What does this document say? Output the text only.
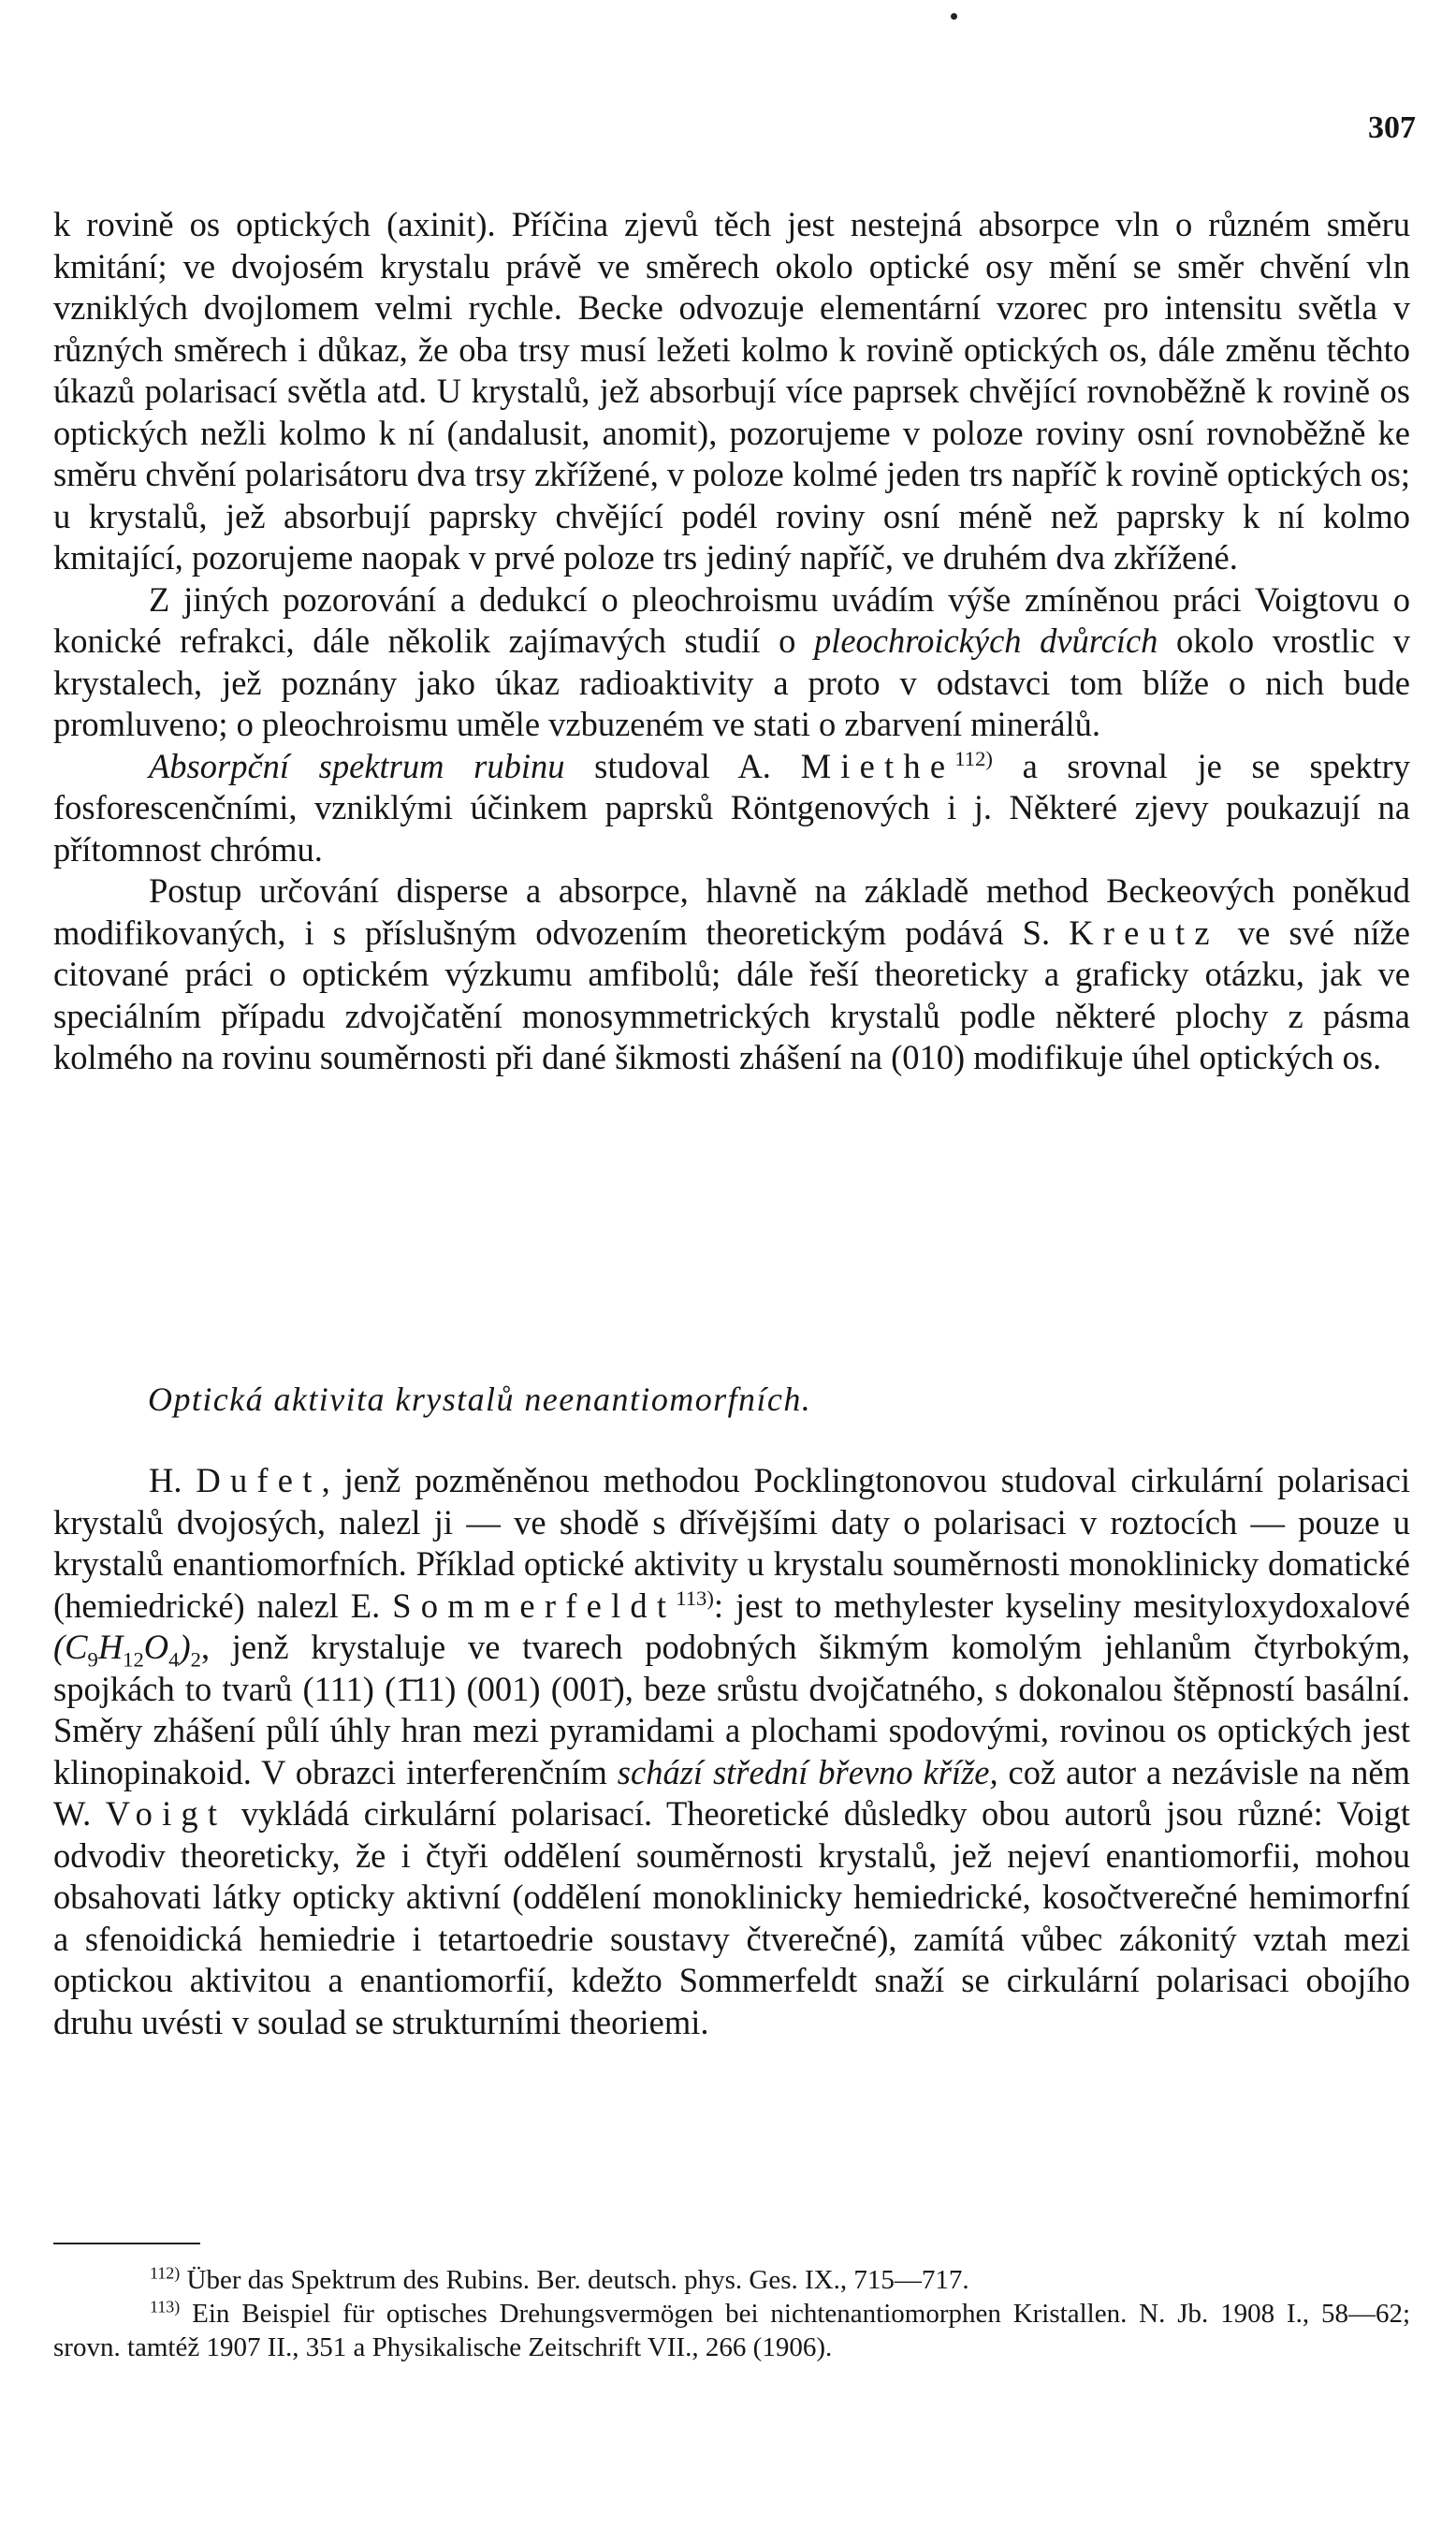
307

k rovině os optických (axinit). Příčina zjevů těch jest nestejná absorpce vln o různém směru kmitání; ve dvojosém krystalu právě ve směrech okolo optické osy mění se směr chvění vln vzniklých dvojlomem velmi rychle. Becke odvozuje elementární vzorec pro intensitu světla v různých směrech i důkaz, že oba trsy musí ležeti kolmo k rovině optických os, dále změnu těchto úkazů polarisací světla atd. U krystalů, jež absorbují více paprsek chvějící rovnoběžně k rovině os optických nežli kolmo k ní (andalusit, anomit), pozorujeme v poloze roviny osní rovnoběžně ke směru chvění polarisátoru dva trsy zkřížené, v poloze kolmé jeden trs napříč k rovině optických os; u krystalů, jež absorbují paprsky chvějící podél roviny osní méně než paprsky k ní kolmo kmitající, pozorujeme naopak v prvé poloze trs jediný napříč, ve druhém dva zkřížené.

Z jiných pozorování a dedukcí o pleochroismu uvádím výše zmíněnou práci Voigtovu o konické refrakci, dále několik zajímavých studií o pleochroických dvůrcích okolo vrostlic v krystalech, jež poznány jako úkaz radioaktivity a proto v odstavci tom blíže o nich bude promluveno; o pleochroismu uměle vzbuzeném ve stati o zbarvení minerálů.

Absorpční spektrum rubinu studoval A. Miethe$^{112)}$ a srovnal je se spektry fosforescenčními, vzniklými účinkem paprsků Röntgenových i j. Některé zjevy poukazují na přítomnost chrómu.

Postup určování disperse a absorpce, hlavně na základě method Beckeových poněkud modifikovaných, i s příslušným odvozením theoretickým podává S. Kreutz ve své níže citované práci o optickém výzkumu amfibolů; dále řeší theoreticky a graficky otázku, jak ve speciálním případu zdvojčatění monosymmetrických krystalů podle některé plochy z pásma kolmého na rovinu souměrnosti při dané šikmosti zhášení na (010) modifikuje úhel optických os.

Optická aktivita krystalů neenantiomorfních.

H. Dufet, jenž pozměněnou methodou Pocklingtonovou studoval cirkulární polarisaci krystalů dvojosých, nalezl ji — ve shodě s dřívějšími daty o polarisaci v roztocích — pouze u krystalů enantiomorfních. Příklad optické aktivity u krystalu souměrnosti monoklinicky domatické (hemiedrické) nalezl E. Sommerfeldt$^{113)}$: jest to methylester kyseliny mesityloxydoxalové $(C_9H_{12}O_4)_2$, jenž krystaluje ve tvarech podobných šikmým komolým jehlanům čtyrbokým, spojkách to tvarů (111) (1̄11) (001) (001̄), beze srůstu dvojčatného, s dokonalou štěpností basální. Směry zhášení půlí úhly hran mezi pyramidami a plochami spodovými, rovinou os optických jest klinopinakoid. V obrazci interferenčním schází střední břevno kříže, což autor a nezávisle na něm W. Voigt vykládá cirkulární polarisací. Theoretické důsledky obou autorů jsou různé: Voigt odvodiv theoreticky, že i čtyři oddělení souměrnosti krystalů, jež nejeví enantiomorfii, mohou obsahovati látky opticky aktivní (oddělení monoklinicky hemiedrické, kosočtverečné hemimorfní a sfenoidická hemiedrie i tetartoedrie soustavy čtverečné), zamítá vůbec zákonitý vztah mezi optickou aktivitou a enantiomorfií, kdežto Sommerfeldt snaží se cirkulární polarisaci obojího druhu uvésti v soulad se strukturními theoriemi.

$^{112)}$ Über das Spektrum des Rubins. Ber. deutsch. phys. Ges. IX., 715—717.
$^{113)}$ Ein Beispiel für optisches Drehungsvermögen bei nichtenantiomorphen Kristallen. N. Jb. 1908 I., 58—62; srovn. tamtéž 1907 II., 351 a Physikalische Zeitschrift VII., 266 (1906).
